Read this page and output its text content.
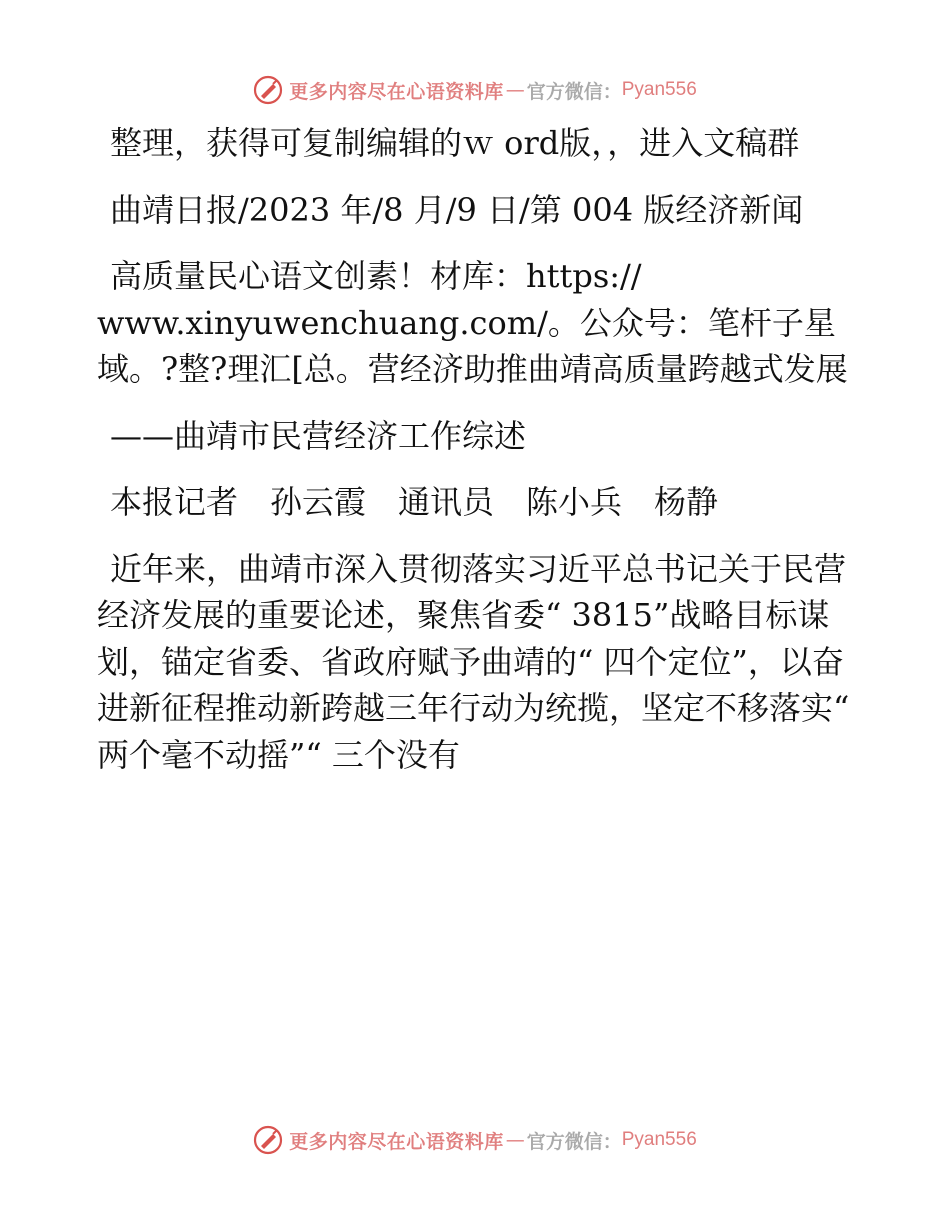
更多内容尽在心语资料库 — 官方微信： Pyan556

整理，获得可复制编辑的ｗ ord版，，进入文稿群

曲靖日报/2023 年/8 月/9 日/第 004 版经济新闻

高质量民心语文创素！材库：https://
www.xinyuwenchuang.com/。公众号：笔杆子星域。?整?理汇[总。营经济助推曲靖高质量跨越式发展

——曲靖市民营经济工作综述

本报记者　孙云霞　通讯员　陈小兵　杨静

近年来，曲靖市深入贯彻落实习近平总书记关于民营经济发展的重要论述，聚焦省委“ 3815”战略目标谋划，锚定省委、省政府赋予曲靖的“ 四个定位”，以奋进新征程推动新跨越三年行动为统揽，坚定不移落实“ 两个毫不动摇”“ 三个没有

更多内容尽在心语资料库 — 官方微信： Pyan556
